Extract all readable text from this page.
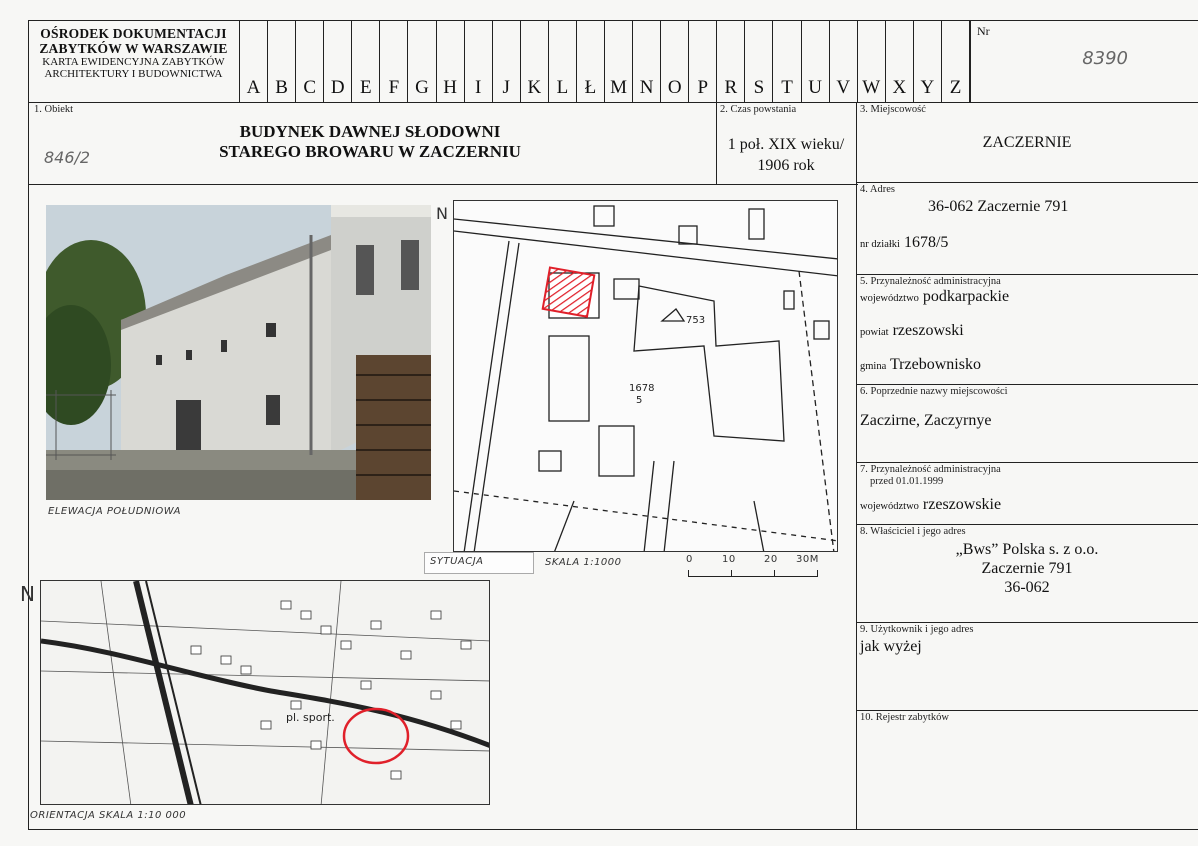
OŚRODEK DOKUMENTACJI
ZABYTKÓW W WARSZAWIE
KARTA EWIDENCYJNA ZABYTKÓW
ARCHITEKTURY I BUDOWNICTWA
A B C D E F G H I	J K L Ł M N O P R S T U V W X Y Z
Nr
8390
1. Obiekt
BUDYNEK DAWNEJ SŁODOWNI
STAREGO BROWARU W ZACZERNIU
846/2
2. Czas powstania
1 poł. XIX wieku/
1906 rok
3. Miejscowość
ZACZERNIE
4. Adres
36-062 Zaczernie 791
nr działki 1678/5
5. Przynależność administracyjna
województwo podkarpackie
powiat rzeszowski
gmina Trzebownisko
6. Poprzednie nazwy miejscowości
Zaczirne, Zaczyrnye
7. Przynależność administracyjna
przed 01.01.1999
województwo rzeszowskie
8. Właściciel i jego adres
„Bws” Polska s. z o.o.
Zaczernie 791
36-062
9. Użytkownik i jego adres
jak wyżej
10. Rejestr zabytków
ELEWACJA POŁUDNIOWA
N
1678
5
753
SYTUACJA	SKALA 1:1000	0	10	20 30M
N
pl. sport.
ORIENTACJA SKALA 1:10 000
